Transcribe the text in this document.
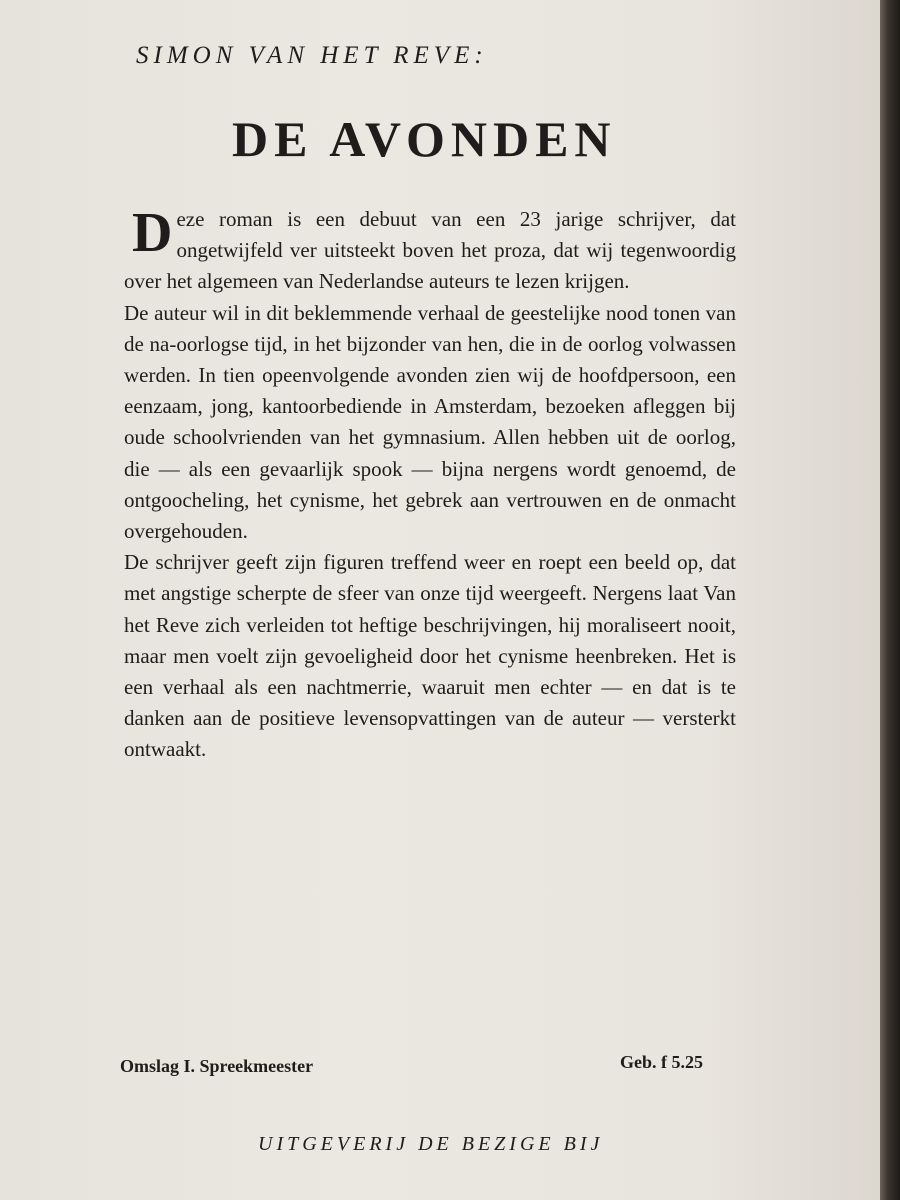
SIMON VAN HET REVE:
DE AVONDEN

Deze roman is een debuut van een 23 jarige schrijver, dat ongetwijfeld ver uitsteekt boven het proza, dat wij tegenwoordig over het algemeen van Nederlandse auteurs te lezen krijgen.

De auteur wil in dit beklemmende verhaal de geestelijke nood tonen van de na-oorlogse tijd, in het bijzonder van hen, die in de oorlog volwassen werden. In tien opeenvolgende avonden zien wij de hoofdpersoon, een eenzaam, jong, kantoorbediende in Amsterdam, bezoeken afleggen bij oude schoolvrienden van het gymnasium. Allen hebben uit de oorlog, die — als een gevaarlijk spook — bijna nergens wordt genoemd, de ontgoocheling, het cynisme, het gebrek aan vertrouwen en de onmacht overgehouden.

De schrijver geeft zijn figuren treffend weer en roept een beeld op, dat met angstige scherpte de sfeer van onze tijd weergeeft. Nergens laat Van het Reve zich verleiden tot heftige beschrijvingen, hij moraliseert nooit, maar men voelt zijn gevoeligheid door het cynisme heenbreken. Het is een verhaal als een nachtmerrie, waaruit men echter — en dat is te danken aan de positieve levensopvattingen van de auteur — versterkt ontwaakt.

Omslag I. Spreekmeester	Geb. f 5.25
UITGEVERIJ DE BEZIGE BIJ
